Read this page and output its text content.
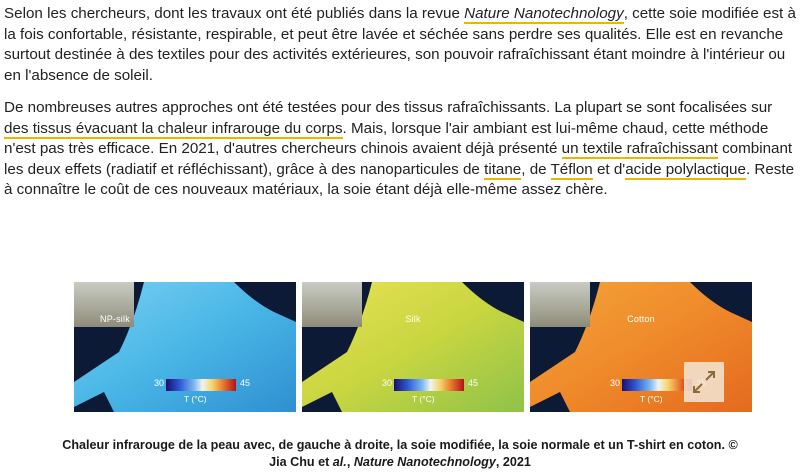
Selon les chercheurs, dont les travaux ont été publiés dans la revue Nature Nanotechnology, cette soie modifiée est à la fois confortable, résistante, respirable, et peut être lavée et séchée sans perdre ses qualités. Elle est en revanche surtout destinée à des textiles pour des activités extérieures, son pouvoir rafraîchissant étant moindre à l'intérieur ou en l'absence de soleil.

De nombreuses autres approches ont été testées pour des tissus rafraîchissants. La plupart se sont focalisées sur des tissus évacuant la chaleur infrarouge du corps. Mais, lorsque l'air ambiant est lui-même chaud, cette méthode n'est pas très efficace. En 2021, d'autres chercheurs chinois avaient déjà présenté un textile rafraîchissant combinant les deux effets (radiatif et réfléchissant), grâce à des nanoparticules de titane, de Téflon et d'acide polylactique. Reste à connaître le coût de ces nouveaux matériaux, la soie étant déjà elle-même assez chère.

NP-silk
30	45
T (°C)
Silk
30	45
T (°C)
Cotton
30
T (°C)
Chaleur infrarouge de la peau avec, de gauche à droite, la soie modifiée, la soie normale et un T-shirt en coton. © Jia Chu et al., Nature Nanotechnology, 2021
